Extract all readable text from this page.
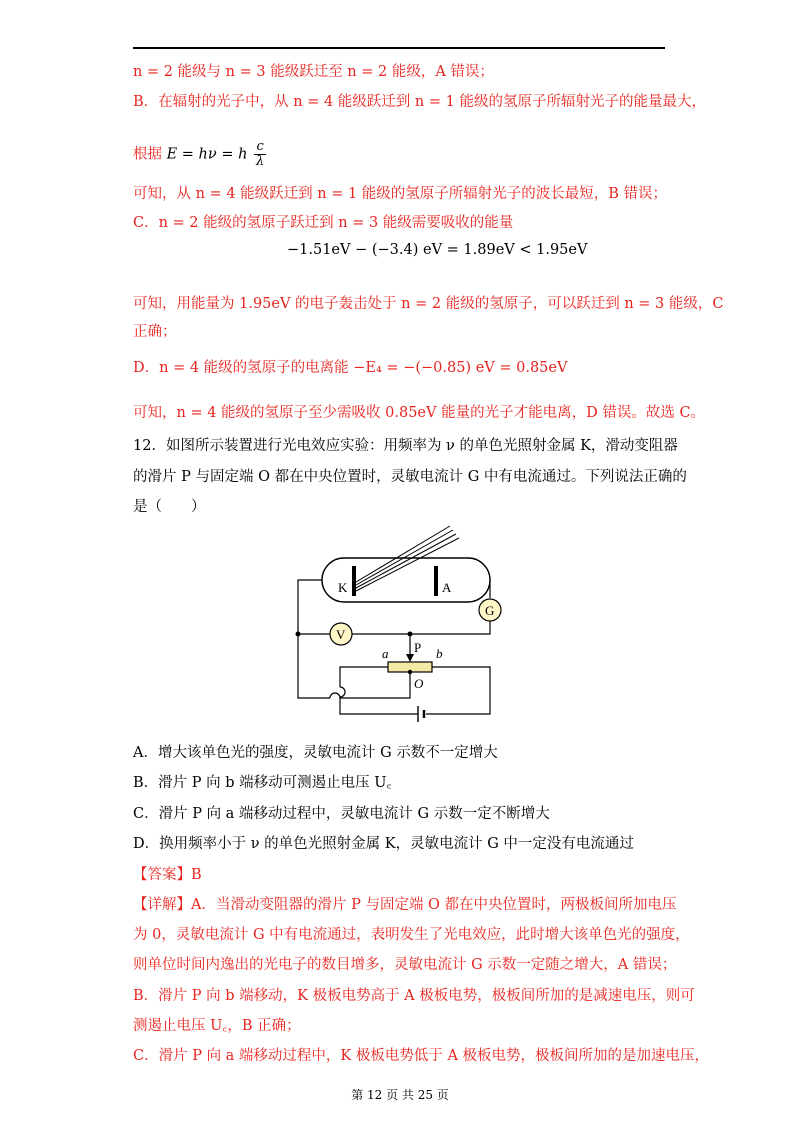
n = 2 能级与 n = 3 能级跃迁至 n = 2 能级，A 错误；
B．在辐射的光子中，从 n = 4 能级跃迁到 n = 1 能级的氢原子所辐射光子的能量最大，
根据 E = hν = h $\frac{c}{\lambda}$
可知，从 n = 4 能级跃迁到 n = 1 能级的氢原子所辐射光子的波长最短，B 错误；
C．n = 2 能级的氢原子跃迁到 n = 3 能级需要吸收的能量
−1.51eV − (−3.4) eV = 1.89eV < 1.95eV
可知，用能量为 1.95eV 的电子轰击处于 n = 2 能级的氢原子，可以跃迁到 n = 3 能级，C
正确；
D．n = 4 能级的氢原子的电离能 −E₄ = −(−0.85) eV = 0.85eV
可知，n = 4 能级的氢原子至少需吸收 0.85eV 能量的光子才能电离，D 错误。故选 C。
12．如图所示装置进行光电效应实验：用频率为 ν 的单色光照射金属 K，滑动变阻器
的滑片 P 与固定端 O 都在中央位置时，灵敏电流计 G 中有电流通过。下列说法正确的
是（　　）
K	A
G
V
P
a	b
O
A．增大该单色光的强度，灵敏电流计 G 示数不一定增大
B．滑片 P 向 b 端移动可测遏止电压 U꜀
C．滑片 P 向 a 端移动过程中，灵敏电流计 G 示数一定不断增大
D．换用频率小于 ν 的单色光照射金属 K，灵敏电流计 G 中一定没有电流通过
【答案】B
【详解】A．当滑动变阻器的滑片 P 与固定端 O 都在中央位置时，两极板间所加电压
为 0，灵敏电流计 G 中有电流通过，表明发生了光电效应，此时增大该单色光的强度，
则单位时间内逸出的光电子的数目增多，灵敏电流计 G 示数一定随之增大，A 错误；
B．滑片 P 向 b 端移动，K 极板电势高于 A 极板电势，极板间所加的是减速电压，则可
测遏止电压 U꜀，B 正确；
C．滑片 P 向 a 端移动过程中，K 极板电势低于 A 极板电势，极板间所加的是加速电压，
第 12 页 共 25 页
